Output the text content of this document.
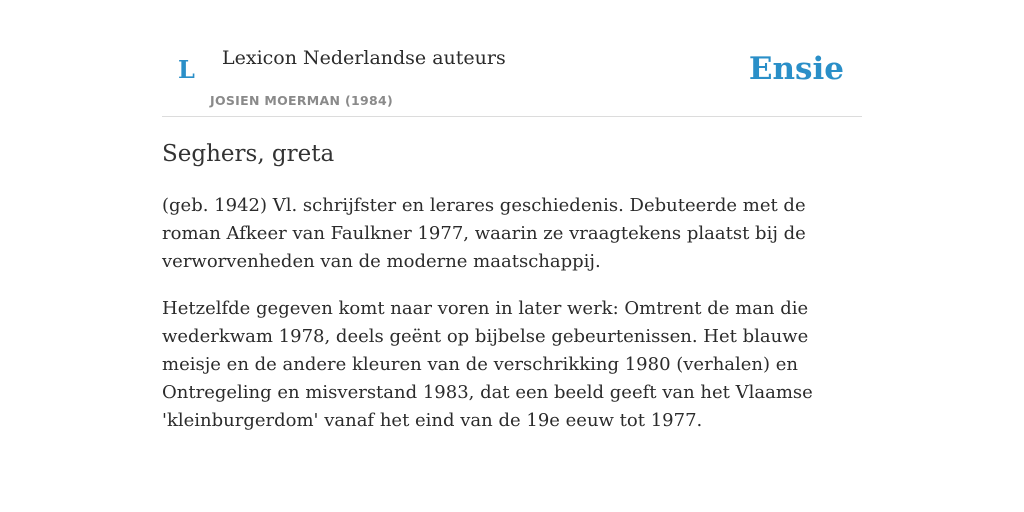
L Lexicon Nederlandse auteurs
JOSIEN MOERMAN (1984)
Ensie
Seghers, greta

(geb. 1942) Vl. schrijfster en lerares geschiedenis. Debuteerde met de roman Afkeer van Faulkner 1977, waarin ze vraagtekens plaatst bij de verworvenheden van de moderne maatschappij.

Hetzelfde gegeven komt naar voren in later werk: Omtrent de man die wederkwam 1978, deels geënt op bijbelse gebeurtenissen. Het blauwe meisje en de andere kleuren van de verschrikking 1980 (verhalen) en Ontregeling en misverstand 1983, dat een beeld geeft van het Vlaamse 'kleinburgerdom' vanaf het eind van de 19e eeuw tot 1977.
